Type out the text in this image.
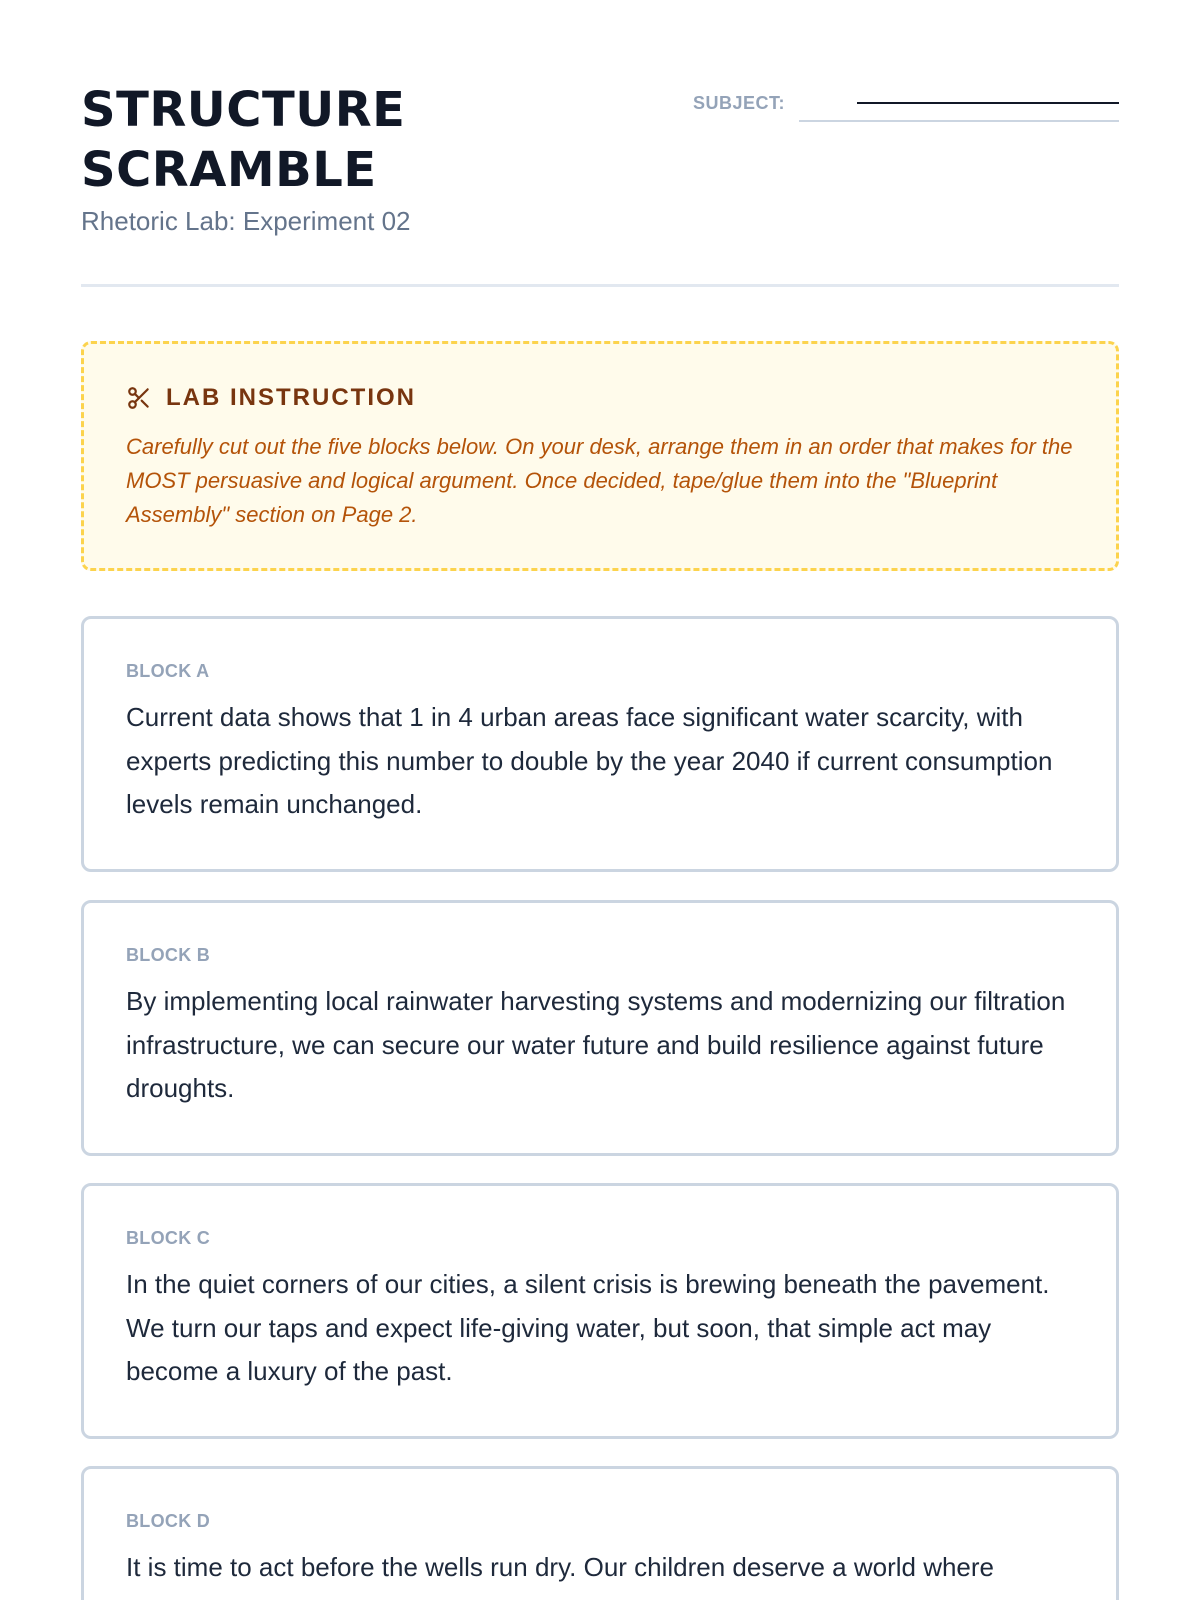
STRUCTURE
SCRAMBLE
Rhetoric Lab: Experiment 02
SUBJECT:
LAB INSTRUCTION
Carefully cut out the five blocks below. On your desk, arrange them in an order that makes for the MOST persuasive and logical argument. Once decided, tape/glue them into the "Blueprint Assembly" section on Page 2.
BLOCK A
Current data shows that 1 in 4 urban areas face significant water scarcity, with experts predicting this number to double by the year 2040 if current consumption levels remain unchanged.
BLOCK B
By implementing local rainwater harvesting systems and modernizing our filtration infrastructure, we can secure our water future and build resilience against future droughts.
BLOCK C
In the quiet corners of our cities, a silent crisis is brewing beneath the pavement. We turn our taps and expect life-giving water, but soon, that simple act may become a luxury of the past.
BLOCK D
It is time to act before the wells run dry. Our children deserve a world where
